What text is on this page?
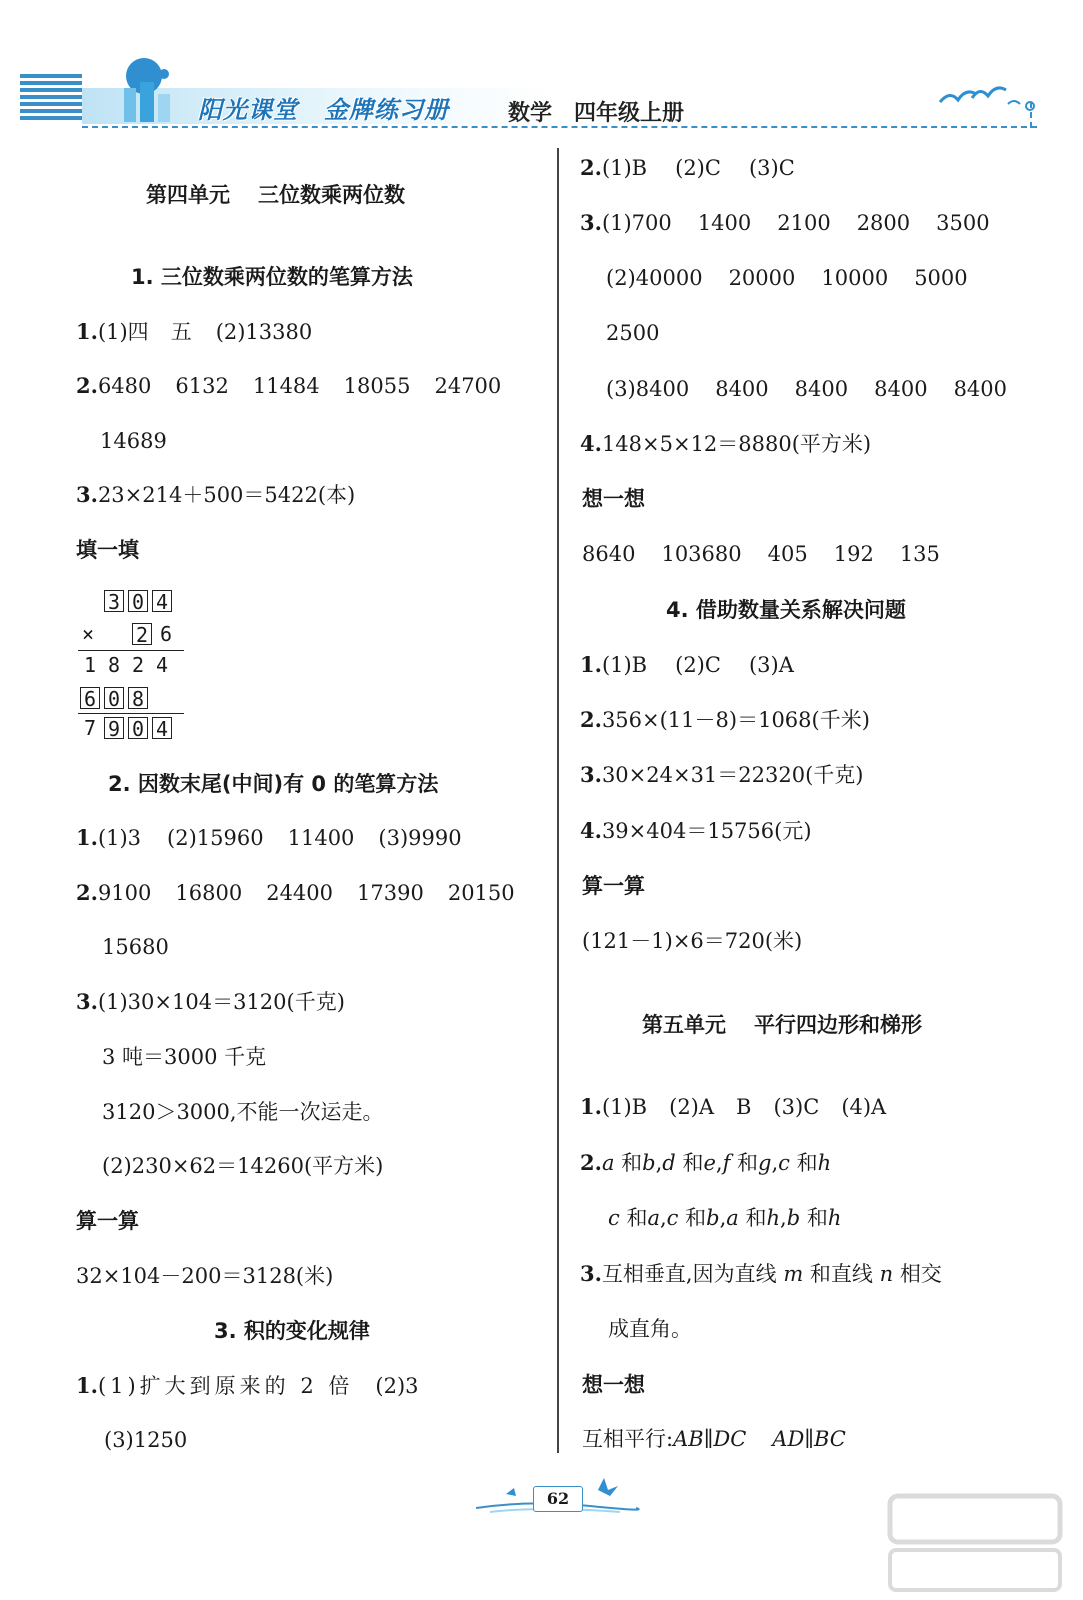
阳光课堂 金牌练习册	数学 四年级上册
第四单元 三位数乘两位数
1. 三位数乘两位数的笔算方法
1.(1)四 五 (2)13380
2.6480 6132 11484 18055 24700
14689
3.23×214＋500＝5422(本)
填一填
3 0 4
× 2 6
1 8 2 4
6 0 8
7 9 0 4
2. 因数末尾(中间)有 0 的笔算方法
1.(1)3 (2)15960 11400 (3)9990
2.9100 16800 24400 17390 20150
15680
3.(1)30×104＝3120(千克)
3 吨＝3000 千克
3120＞3000,不能一次运走。
(2)230×62＝14260(平方米)
算一算
32×104－200＝3128(米)
3. 积的变化规律
1.(1)扩大到原来的 2 倍 (2)3
(3)1250
2.(1)B (2)C (3)C
3.(1)700 1400 2100 2800 3500
(2)40000 20000 10000 5000
2500
(3)8400 8400 8400 8400 8400
4.148×5×12＝8880(平方米)
想一想
8640 103680 405 192 135
4. 借助数量关系解决问题
1.(1)B (2)C (3)A
2.356×(11－8)＝1068(千米)
3.30×24×31＝22320(千克)
4.39×404＝15756(元)
算一算
(121－1)×6＝720(米)
第五单元 平行四边形和梯形
1.(1)B (2)A B (3)C (4)A
2.a 和b,d 和e,f 和g,c 和h
c 和a,c 和b,a 和h,b 和h
3.互相垂直,因为直线 m 和直线 n 相交
成直角。
想一想
互相平行:AB∥DC AD∥BC
62
